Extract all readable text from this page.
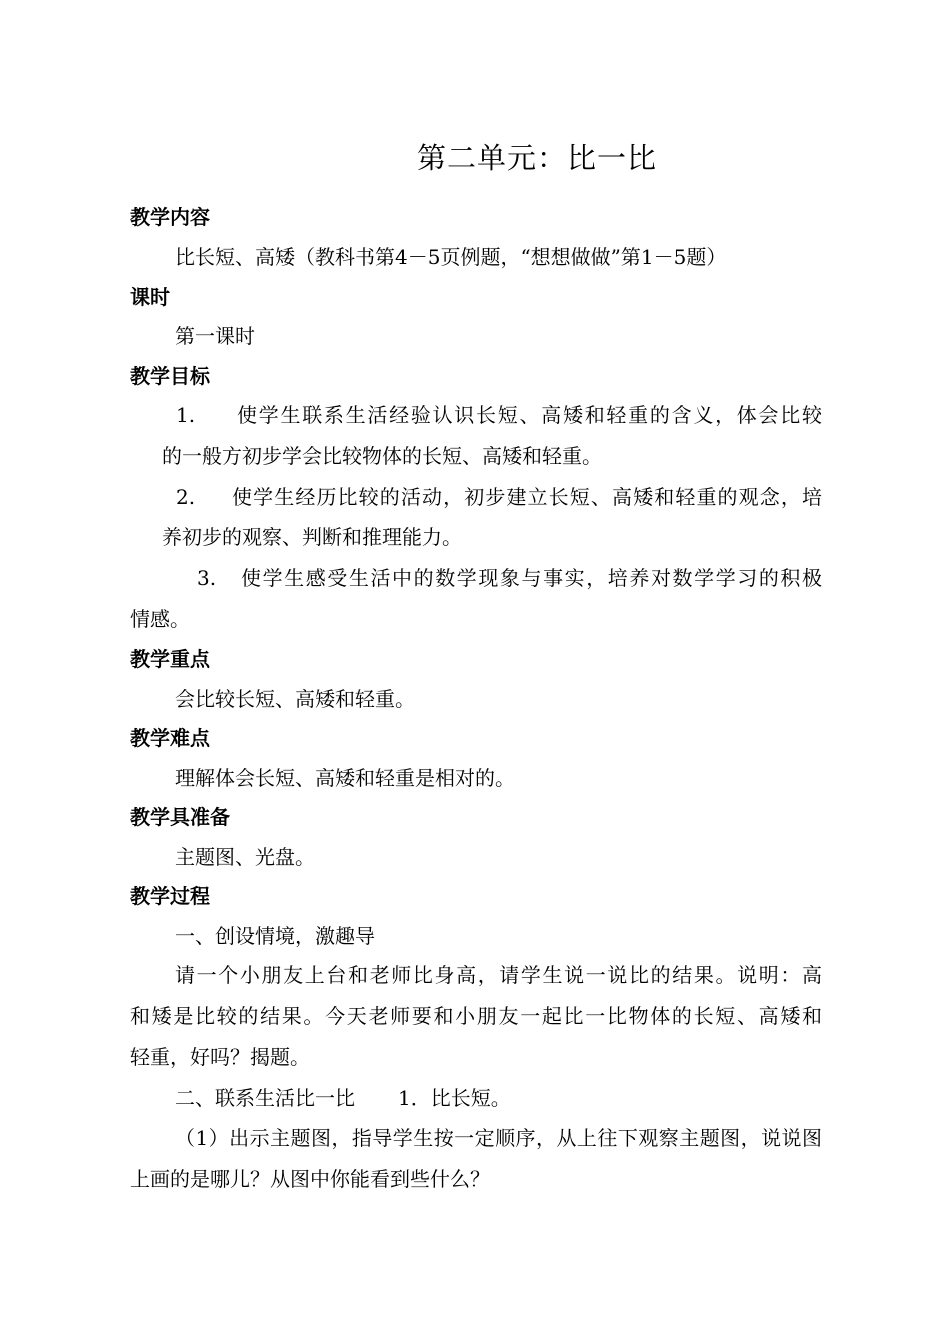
第二单元：比一比
教学内容
比长短、高矮（教科书第4－5页例题，“想想做做”第1－5题）
课时
第一课时
教学目标
1. 使学生联系生活经验认识长短、高矮和轻重的含义，体会比较
的一般方初步学会比较物体的长短、高矮和轻重。
2. 使学生经历比较的活动，初步建立长短、高矮和轻重的观念，培
养初步的观察、判断和推理能力。
3. 使学生感受生活中的数学现象与事实，培养对数学学习的积极
情感。
教学重点
会比较长短、高矮和轻重。
教学难点
理解体会长短、高矮和轻重是相对的。
教学具准备
主题图、光盘。
教学过程
一、创设情境，激趣导
请一个小朋友上台和老师比身高，请学生说一说比的结果。说明：高
和矮是比较的结果。今天老师要和小朋友一起比一比物体的长短、高矮和
轻重，好吗？揭题。
二、联系生活比一比 1．比长短。
（1）出示主题图，指导学生按一定顺序，从上往下观察主题图，说说图
上画的是哪儿？从图中你能看到些什么？
